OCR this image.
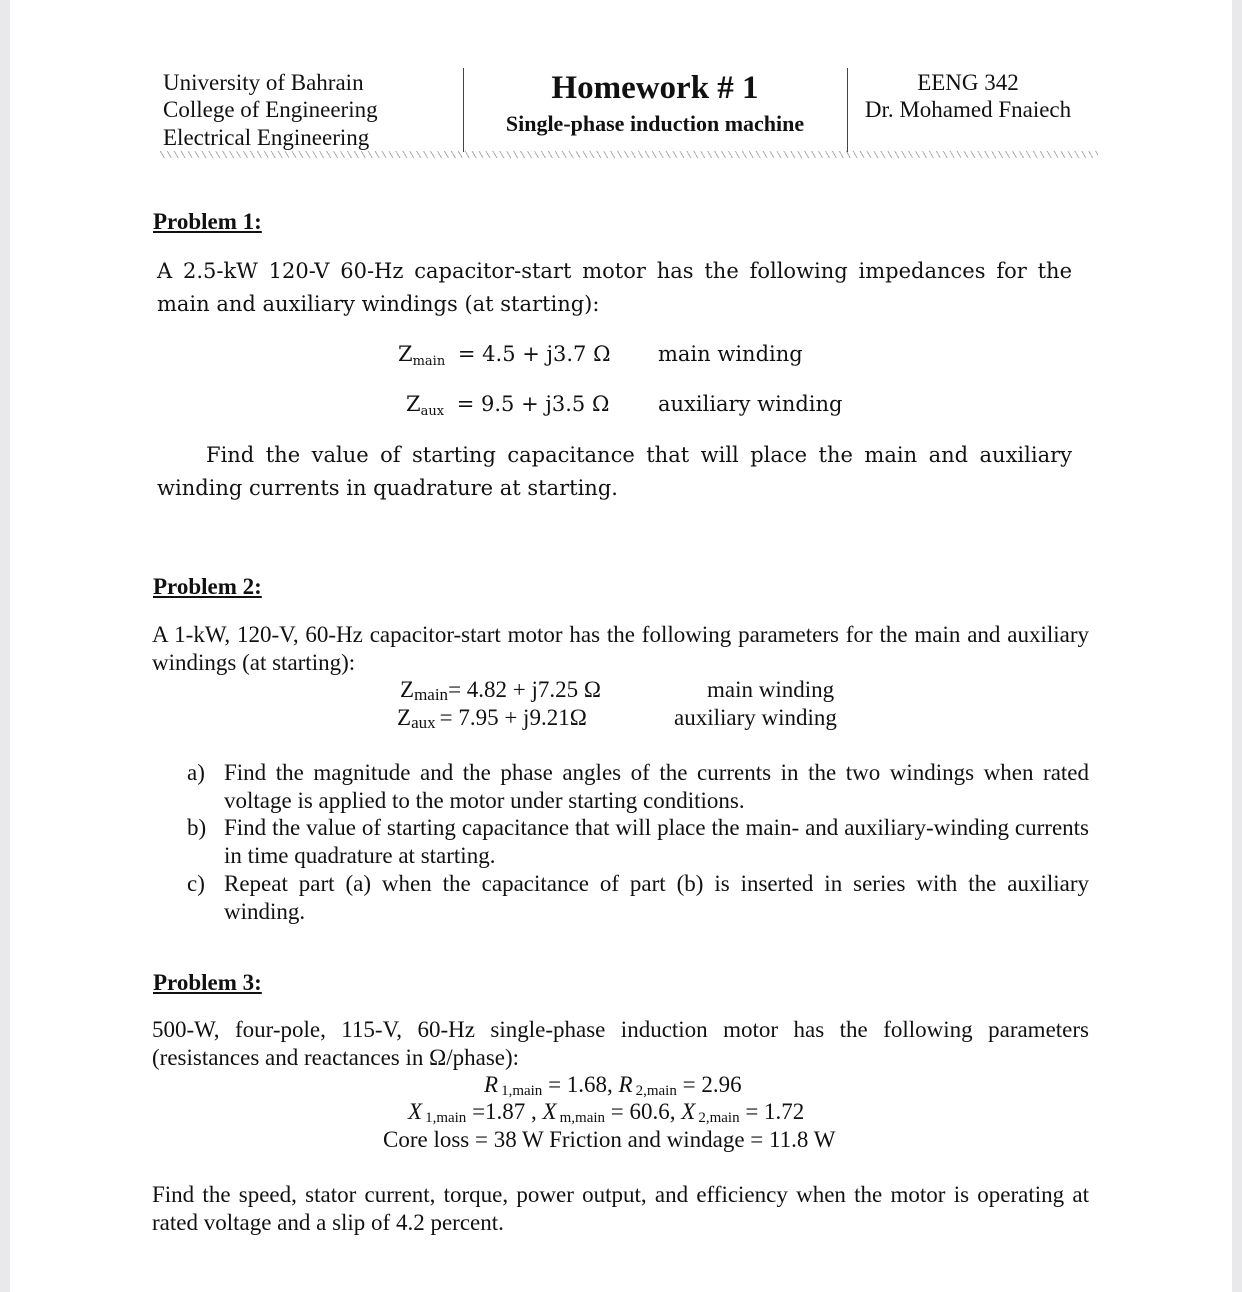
University of Bahrain
College of Engineering
Electrical Engineering
Homework # 1
Single-phase induction machine
EENG 342
Dr. Mohamed Fnaiech
Problem 1:
A 2.5-kW 120-V 60-Hz capacitor-start motor has the following impedances for the main and auxiliary windings (at starting):
$Z_{main} = 4.5 + j3.7$ Ω main winding
$Z_{aux} = 9.5 + j3.5$ Ω auxiliary winding
Find the value of starting capacitance that will place the main and auxiliary winding currents in quadrature at starting.
Problem 2:
A 1-kW, 120-V, 60-Hz capacitor-start motor has the following parameters for the main and auxiliary windings (at starting):
$Z_{main}= 4.82 + j7.25$ Ω	main winding
$Z_{aux} = 7.95 + j9.21\Omega$	auxiliary winding
a) Find the magnitude and the phase angles of the currents in the two windings when rated voltage is applied to the motor under starting conditions.
b) Find the value of starting capacitance that will place the main- and auxiliary-winding currents in time quadrature at starting.
c) Repeat part (a) when the capacitance of part (b) is inserted in series with the auxiliary winding.
Problem 3:
500-W, four-pole, 115-V, 60-Hz single-phase induction motor has the following parameters (resistances and reactances in Ω/phase):
R $_{1,main}$ = 1.68, R $_{2,main}$ = 2.96
X $_{1,main}$ =1.87 , X $_{m,main}$ = 60.6, X $_{2,main}$ = 1.72
Core loss = 38 W Friction and windage = 11.8 W
Find the speed, stator current, torque, power output, and efficiency when the motor is operating at rated voltage and a slip of 4.2 percent.
